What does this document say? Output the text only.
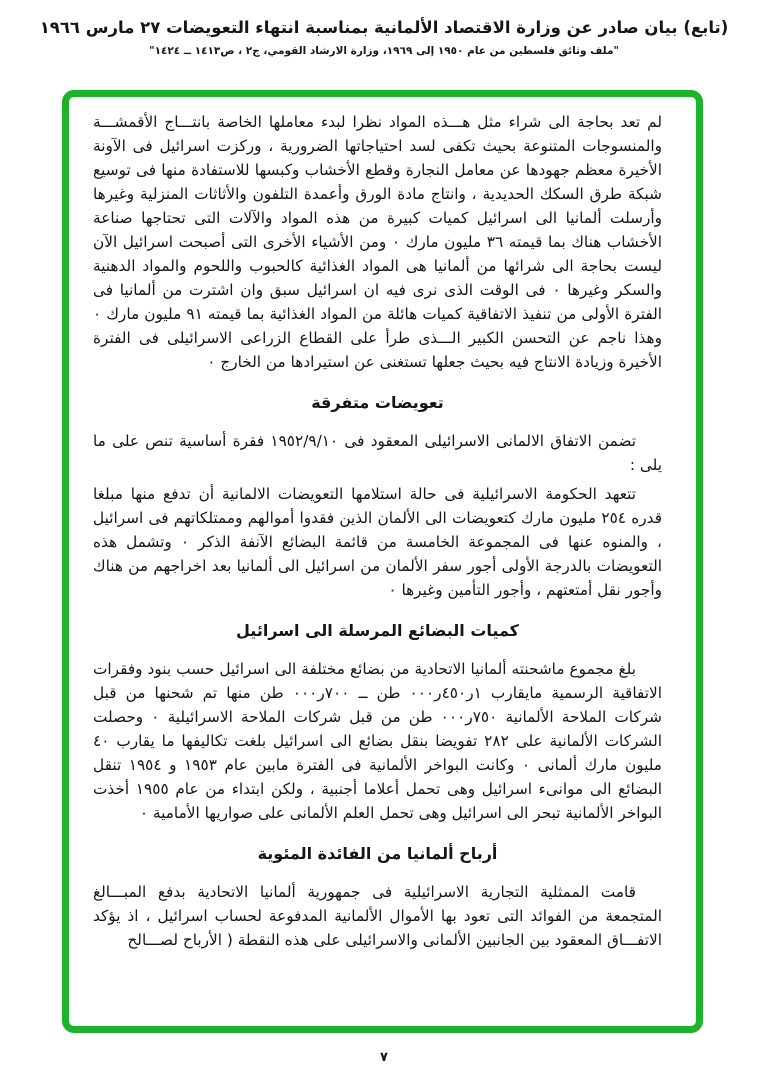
(تابع) بيان صادر عن وزارة الاقتصاد الألمانية بمناسبة انتهاء التعويضات ٢٧ مارس ١٩٦٦
"ملف وثائق فلسطين من عام ١٩٥٠ إلى ١٩٦٩، وزارة الارشاد القومي، ج٢ ، ص١٤١٣ ــ ١٤٢٤"

لم تعد بحاجة الى شراء مثل هـــذه المواد نظرا لبدء معاملها الخاصة بانتـــاج الأقمشـــة والمنسوجات المتنوعة بحيث تكفى لسد احتياجاتها الضرورية ، وركزت اسرائيل فى الآونة الأخيرة معظم جهودها عن معامل النجارة وقطع الأخشاب وكبسها للاستفادة منها فى توسيع شبكة طرق السكك الحديدية ، وانتاج مادة الورق وأعمدة التلفون والأثاثات المنزلية وغيرها وأرسلت ألمانيا الى اسرائيل كميات كبيرة من هذه المواد والآلات التى تحتاجها صناعة الأخشاب هناك بما قيمته ٣٦ مليون مارك ٠ ومن الأشياء الأخرى التى أصبحت اسرائيل الآن ليست بحاجة الى شرائها من ألمانيا هى المواد الغذائية كالحبوب واللحوم والمواد الدهنية والسكر وغيرها ٠ فى الوقت الذى نرى فيه ان اسرائيل سبق وان اشترت من ألمانيا فى الفترة الأولى من تنفيذ الاتفاقية كميات هائلة من المواد الغذائية بما قيمته ٩١ مليون مارك ٠ وهذا ناجم عن التحسن الكبير الـــذى طرأ على القطاع الزراعى الاسرائيلى فى الفترة الأخيرة وزيادة الانتاج فيه بحيث جعلها تستغنى عن استيرادها من الخارج ٠

تعويضات متفرقة

تضمن الاتفاق الالمانى الاسرائيلى المعقود فى ١٩٥٢/٩/١٠ فقرة أساسية تنص على ما يلى :

تتعهد الحكومة الاسرائيلية فى حالة استلامها التعويضات الالمانية أن تدفع منها مبلغا قدره ٢٥٤ مليون مارك كتعويضات الى الألمان الذين فقدوا أموالهم وممتلكاتهم فى اسرائيل ، والمنوه عنها فى المجموعة الخامسة من قائمة البضائع الآنفة الذكر ٠ وتشمل هذه التعويضات بالدرجة الأولى أجور سفر الألمان من اسرائيل الى ألمانيا بعد اخراجهم من هناك وأجور نقل أمتعتهم ، وأجور التأمين وغيرها ٠

كميات البضائع المرسلة الى اسرائيل

بلغ مجموع ماشحنته ألمانيا الاتحادية من بضائع مختلفة الى اسرائيل حسب بنود وفقرات الاتفاقية الرسمية مايقارب ١ر٤٥٠ر٠٠٠ طن ــ ٧٠٠ر٠٠٠ طن منها تم شحنها من قبل شركات الملاحة الألمانية ٧٥٠ر٠٠٠ طن من قبل شركات الملاحة الاسرائيلية ٠ وحصلت الشركات الألمانية على ٢٨٢ تفويضا بنقل بضائع الى اسرائيل بلغت تكاليفها ما يقارب ٤٠ مليون مارك ألمانى ٠ وكانت البواخر الألمانية فى الفترة مابين عام ١٩٥٣ و ١٩٥٤ تنقل البضائع الى موانىء اسرائيل وهى تحمل أعلاما أجنبية ، ولكن ابتداء من عام ١٩٥٥ أخذت البواخر الألمانية تبحر الى اسرائيل وهى تحمل العلم الألمانى على صواريها الأمامية ٠

أرباح ألمانيا من الفائدة المئوية

قامت الممثلية التجارية الاسرائيلية فى جمهورية ألمانيا الاتحادية بدفع المبـــالغ المتجمعة من الفوائد التى تعود بها الأموال الألمانية المدفوعة لحساب اسرائيل ، اذ يؤكد الاتفـــاق المعقود بين الجانبين الألمانى والاسرائيلى على هذه النقطة ( الأرباح لصـــالح

٧
